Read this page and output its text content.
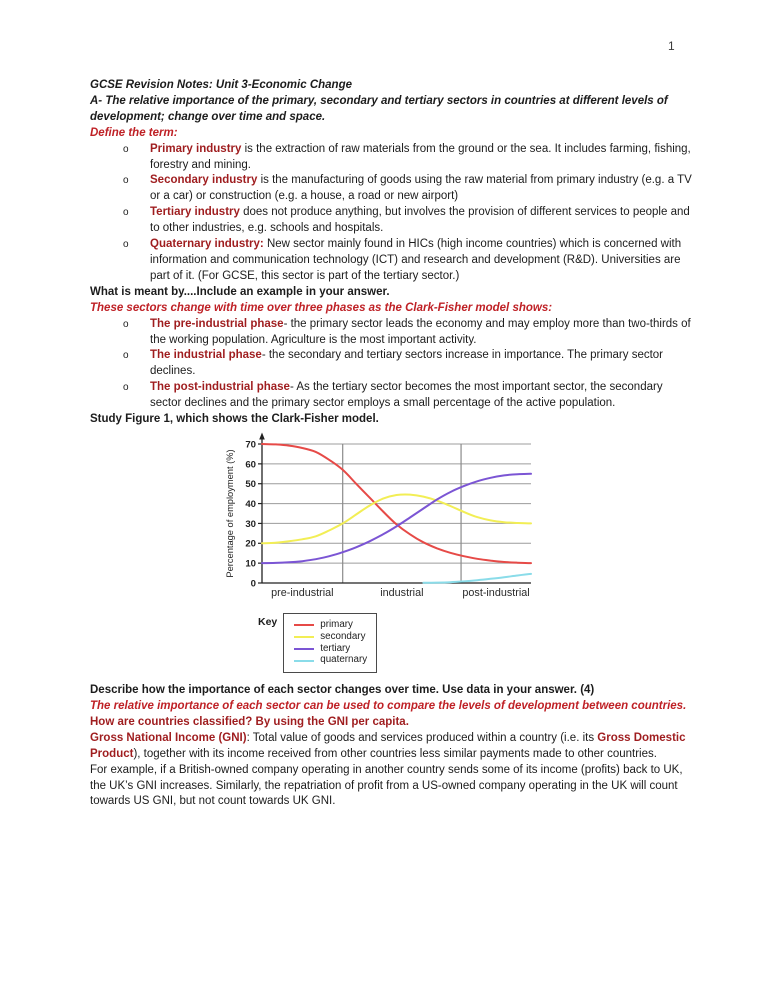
1
GCSE Revision Notes: Unit 3-Economic Change
A- The relative importance of the primary, secondary and tertiary sectors in countries at different levels of development; change over time and space.
Define the term:
o	Primary industry is the extraction of raw materials from the ground or the sea. It includes farming, fishing, forestry and mining.
o	Secondary industry is the manufacturing of goods using the raw material from primary industry (e.g. a TV or a car) or construction (e.g. a house, a road or new airport)
o	Tertiary industry does not produce anything, but involves the provision of different services to people and to other industries, e.g. schools and hospitals.
o	Quaternary industry: New sector mainly found in HICs (high income countries) which is concerned with information and communication technology (ICT) and research and development (R&D). Universities are part of it. (For GCSE, this sector is part of the tertiary sector.)
What is meant by....Include an example in your answer.
These sectors change with time over three phases as the Clark-Fisher model shows:
o	The pre-industrial phase- the primary sector leads the economy and may employ more than two-thirds of the working population. Agriculture is the most important activity.
o	The industrial phase- the secondary and tertiary sectors increase in importance. The primary sector declines.
o	The post-industrial phase- As the tertiary sector becomes the most important sector, the secondary sector declines and the primary sector employs a small percentage of the active population.
Study Figure 1, which shows the Clark-Fisher model.
0
10
20
30
40
50
60
70
Percentage of employment (%)
pre-industrial	industrial	post-industrial
Key	primary
secondary
tertiary
quaternary
Describe how the importance of each sector changes over time. Use data in your answer. (4)
The relative importance of each sector can be used to compare the levels of development between countries.
How are countries classified? By using the GNI per capita.
Gross National Income (GNI): Total value of goods and services produced within a country (i.e. its Gross Domestic Product), together with its income received from other countries less similar payments made to other countries.
For example, if a British-owned company operating in another country sends some of its income (profits) back to UK, the UK’s GNI increases. Similarly, the repatriation of profit from a US-owned company operating in the UK will count towards US GNI, but not count towards UK GNI.
